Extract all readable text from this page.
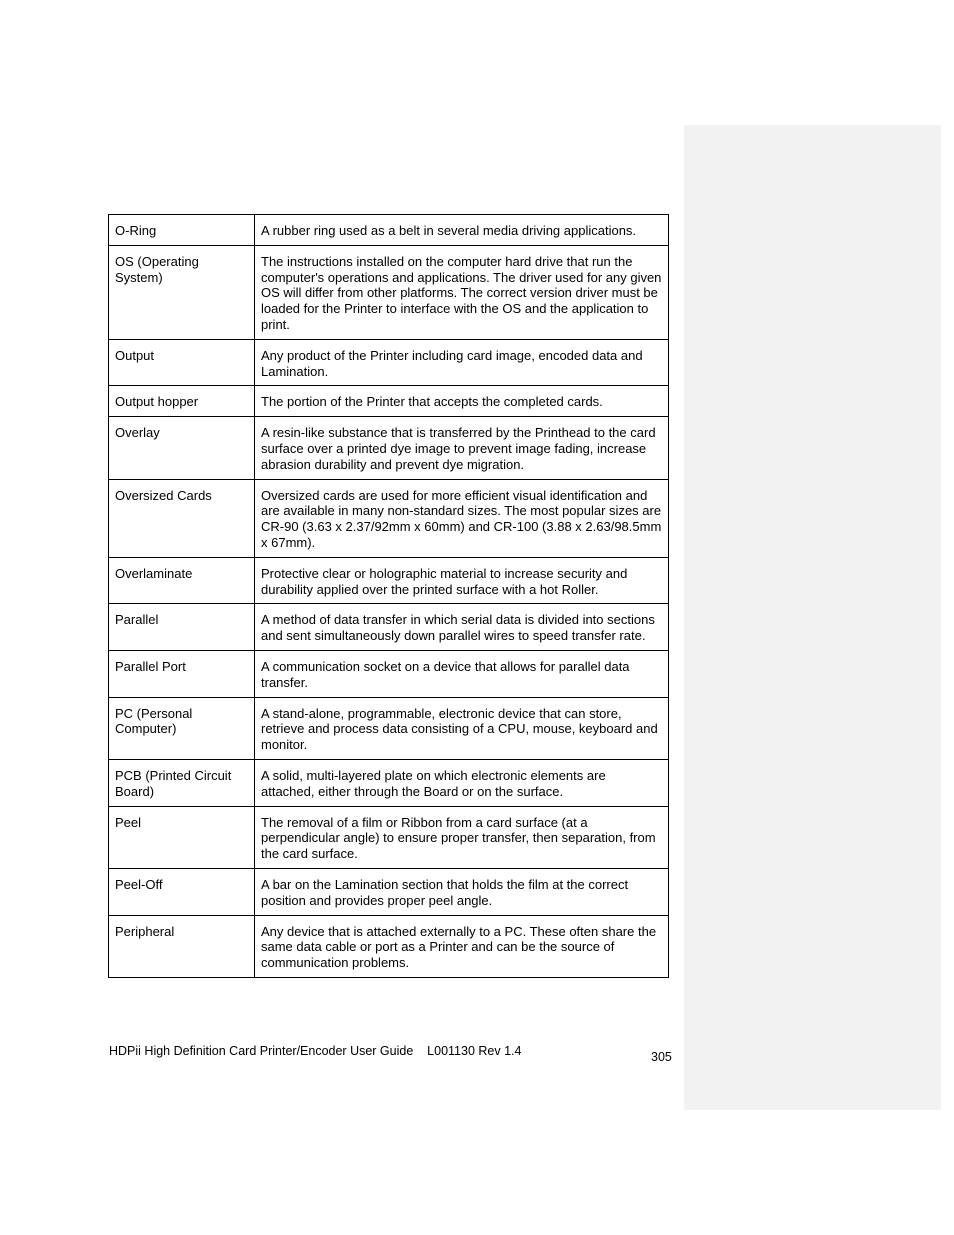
O-Ring	A rubber ring used as a belt in several media driving applications.
OS (Operating System)	The instructions installed on the computer hard drive that run the computer's operations and applications. The driver used for any given OS will differ from other platforms. The correct version driver must be loaded for the Printer to interface with the OS and the application to print.
Output	Any product of the Printer including card image, encoded data and Lamination.
Output hopper	The portion of the Printer that accepts the completed cards.
Overlay	A resin-like substance that is transferred by the Printhead to the card surface over a printed dye image to prevent image fading, increase abrasion durability and prevent dye migration.
Oversized Cards	Oversized cards are used for more efficient visual identification and are available in many non-standard sizes. The most popular sizes are CR-90 (3.63 x 2.37/92mm x 60mm) and CR-100 (3.88 x 2.63/98.5mm x 67mm).
Overlaminate	Protective clear or holographic material to increase security and durability applied over the printed surface with a hot Roller.
Parallel	A method of data transfer in which serial data is divided into sections and sent simultaneously down parallel wires to speed transfer rate.
Parallel Port	A communication socket on a device that allows for parallel data transfer.
PC (Personal Computer)	A stand-alone, programmable, electronic device that can store, retrieve and process data consisting of a CPU, mouse, keyboard and monitor.
PCB (Printed Circuit Board)	A solid, multi-layered plate on which electronic elements are attached, either through the Board or on the surface.
Peel	The removal of a film or Ribbon from a card surface (at a perpendicular angle) to ensure proper transfer, then separation, from the card surface.
Peel-Off	A bar on the Lamination section that holds the film at the correct position and provides proper peel angle.
Peripheral	Any device that is attached externally to a PC. These often share the same data cable or port as a Printer and can be the source of communication problems.
HDPii High Definition Card Printer/Encoder User Guide    L001130 Rev 1.4	305
